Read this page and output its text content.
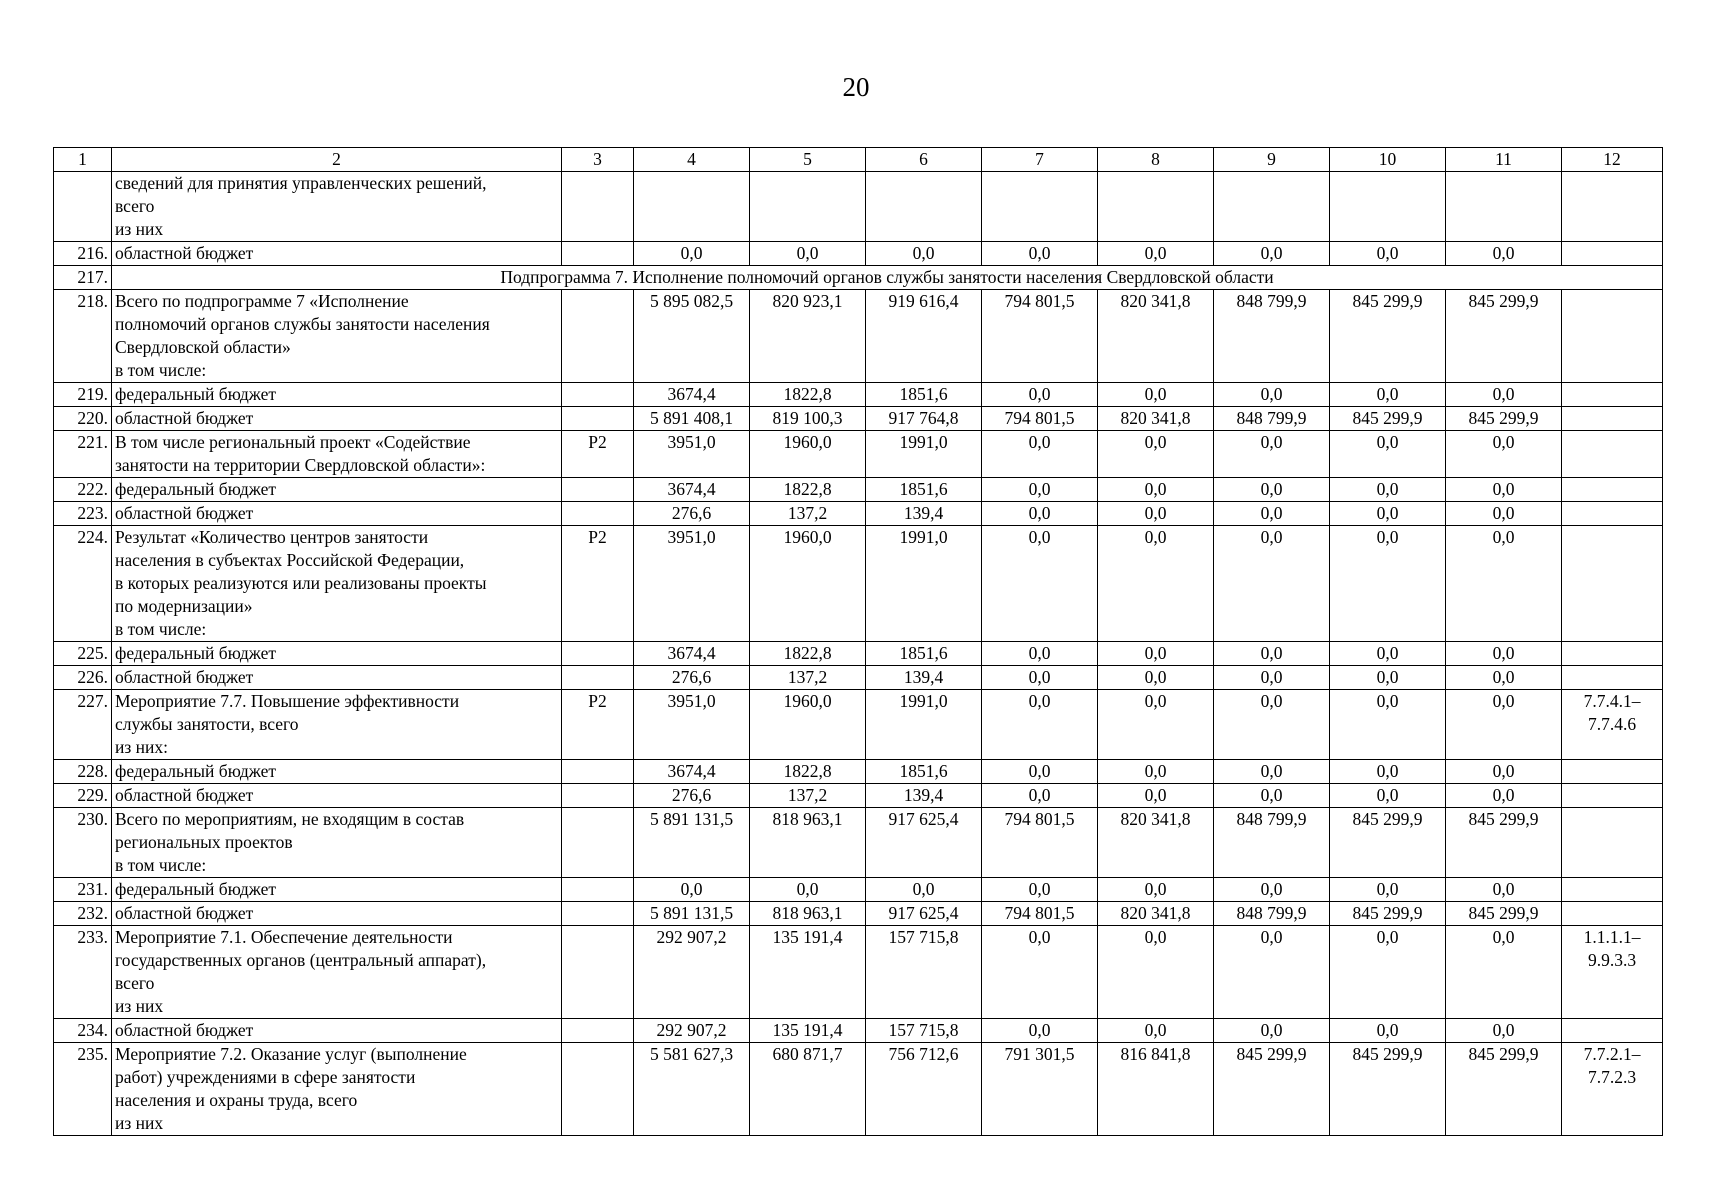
20
1	2	3	4	5	6	7	8	9	10	11	12
	сведений для принятия управленческих решений,
всего
из них										
216.	областной бюджет		0,0	0,0	0,0	0,0	0,0	0,0	0,0	0,0	
217.	Подпрограмма 7. Исполнение полномочий органов службы занятости населения Свердловской области										
218.	Всего по подпрограмме 7 «Исполнение
полномочий органов службы занятости населения
Свердловской области»
в том числе:		5 895 082,5	820 923,1	919 616,4	794 801,5	820 341,8	848 799,9	845 299,9	845 299,9	
219.	федеральный бюджет		3674,4	1822,8	1851,6	0,0	0,0	0,0	0,0	0,0	
220.	областной бюджет		5 891 408,1	819 100,3	917 764,8	794 801,5	820 341,8	848 799,9	845 299,9	845 299,9	
221.	В том числе региональный проект «Содействие
занятости на территории Свердловской области»:	P2	3951,0	1960,0	1991,0	0,0	0,0	0,0	0,0	0,0	
222.	федеральный бюджет		3674,4	1822,8	1851,6	0,0	0,0	0,0	0,0	0,0	
223.	областной бюджет		276,6	137,2	139,4	0,0	0,0	0,0	0,0	0,0	
224.	Результат «Количество центров занятости
населения в субъектах Российской Федерации,
в которых реализуются или реализованы проекты
по модернизации»
в том числе:	P2	3951,0	1960,0	1991,0	0,0	0,0	0,0	0,0	0,0	
225.	федеральный бюджет		3674,4	1822,8	1851,6	0,0	0,0	0,0	0,0	0,0	
226.	областной бюджет		276,6	137,2	139,4	0,0	0,0	0,0	0,0	0,0	
227.	Мероприятие 7.7. Повышение эффективности
службы занятости, всего
из них:	P2	3951,0	1960,0	1991,0	0,0	0,0	0,0	0,0	0,0	7.7.4.1–
7.7.4.6
228.	федеральный бюджет		3674,4	1822,8	1851,6	0,0	0,0	0,0	0,0	0,0	
229.	областной бюджет		276,6	137,2	139,4	0,0	0,0	0,0	0,0	0,0	
230.	Всего по мероприятиям, не входящим в состав
региональных проектов
в том числе:		5 891 131,5	818 963,1	917 625,4	794 801,5	820 341,8	848 799,9	845 299,9	845 299,9	
231.	федеральный бюджет		0,0	0,0	0,0	0,0	0,0	0,0	0,0	0,0	
232.	областной бюджет		5 891 131,5	818 963,1	917 625,4	794 801,5	820 341,8	848 799,9	845 299,9	845 299,9	
233.	Мероприятие 7.1. Обеспечение деятельности
государственных органов (центральный аппарат),
всего
из них		292 907,2	135 191,4	157 715,8	0,0	0,0	0,0	0,0	0,0	1.1.1.1–
9.9.3.3
234.	областной бюджет		292 907,2	135 191,4	157 715,8	0,0	0,0	0,0	0,0	0,0	
235.	Мероприятие 7.2. Оказание услуг (выполнение
работ) учреждениями в сфере занятости
населения и охраны труда, всего
из них		5 581 627,3	680 871,7	756 712,6	791 301,5	816 841,8	845 299,9	845 299,9	845 299,9	7.7.2.1–
7.7.2.3
